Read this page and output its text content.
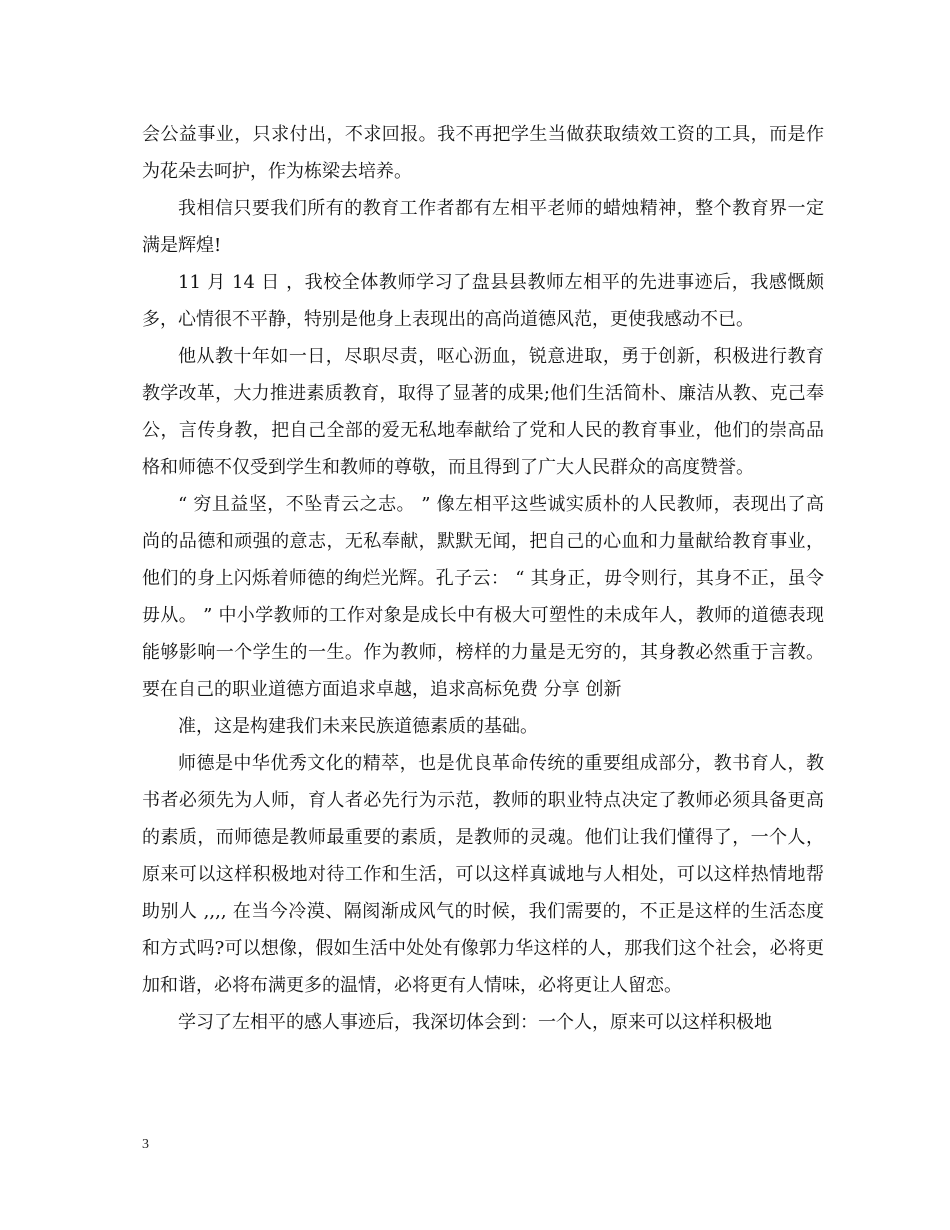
会公益事业，只求付出，不求回报。我不再把学生当做获取绩效工资的工具，而是作为花朵去呵护，作为栋梁去培养。

我相信只要我们所有的教育工作者都有左相平老师的蜡烛精神，整个教育界一定满是辉煌!

11 月 14 日 ，我校全体教师学习了盘县县教师左相平的先进事迹后，我感慨颇多，心情很不平静，特别是他身上表现出的高尚道德风范，更使我感动不已。

他从教十年如一日，尽职尽责，呕心沥血，锐意进取，勇于创新，积极进行教育教学改革，大力推进素质教育，取得了显著的成果;他们生活简朴、廉洁从教、克己奉公，言传身教，把自己全部的爱无私地奉献给了党和人民的教育事业，他们的崇高品格和师德不仅受到学生和教师的尊敬，而且得到了广大人民群众的高度赞誉。

“ 穷且益坚，不坠青云之志。 ” 像左相平这些诚实质朴的人民教师，表现出了高尚的品德和顽强的意志，无私奉献，默默无闻，把自己的心血和力量献给教育事业，他们的身上闪烁着师德的绚烂光辉。孔子云： “ 其身正，毋令则行，其身不正，虽令毋从。 ” 中小学教师的工作对象是成长中有极大可塑性的未成年人，教师的道德表现能够影响一个学生的一生。作为教师，榜样的力量是无穷的，其身教必然重于言教。要在自己的职业道德方面追求卓越，追求高标免费 分享 创新

准，这是构建我们未来民族道德素质的基础。

师德是中华优秀文化的精萃，也是优良革命传统的重要组成部分，教书育人，教书者必须先为人师，育人者必先行为示范，教师的职业特点决定了教师必须具备更高的素质，而师德是教师最重要的素质，是教师的灵魂。他们让我们懂得了，一个人，原来可以这样积极地对待工作和生活，可以这样真诚地与人相处，可以这样热情地帮助别人 ,,,, 在当今冷漠、隔阂渐成风气的时候，我们需要的，不正是这样的生活态度和方式吗?可以想像，假如生活中处处有像郭力华这样的人，那我们这个社会，必将更加和谐，必将布满更多的温情，必将更有人情味，必将更让人留恋。

学习了左相平的感人事迹后，我深切体会到：一个人，原来可以这样积极地

3
